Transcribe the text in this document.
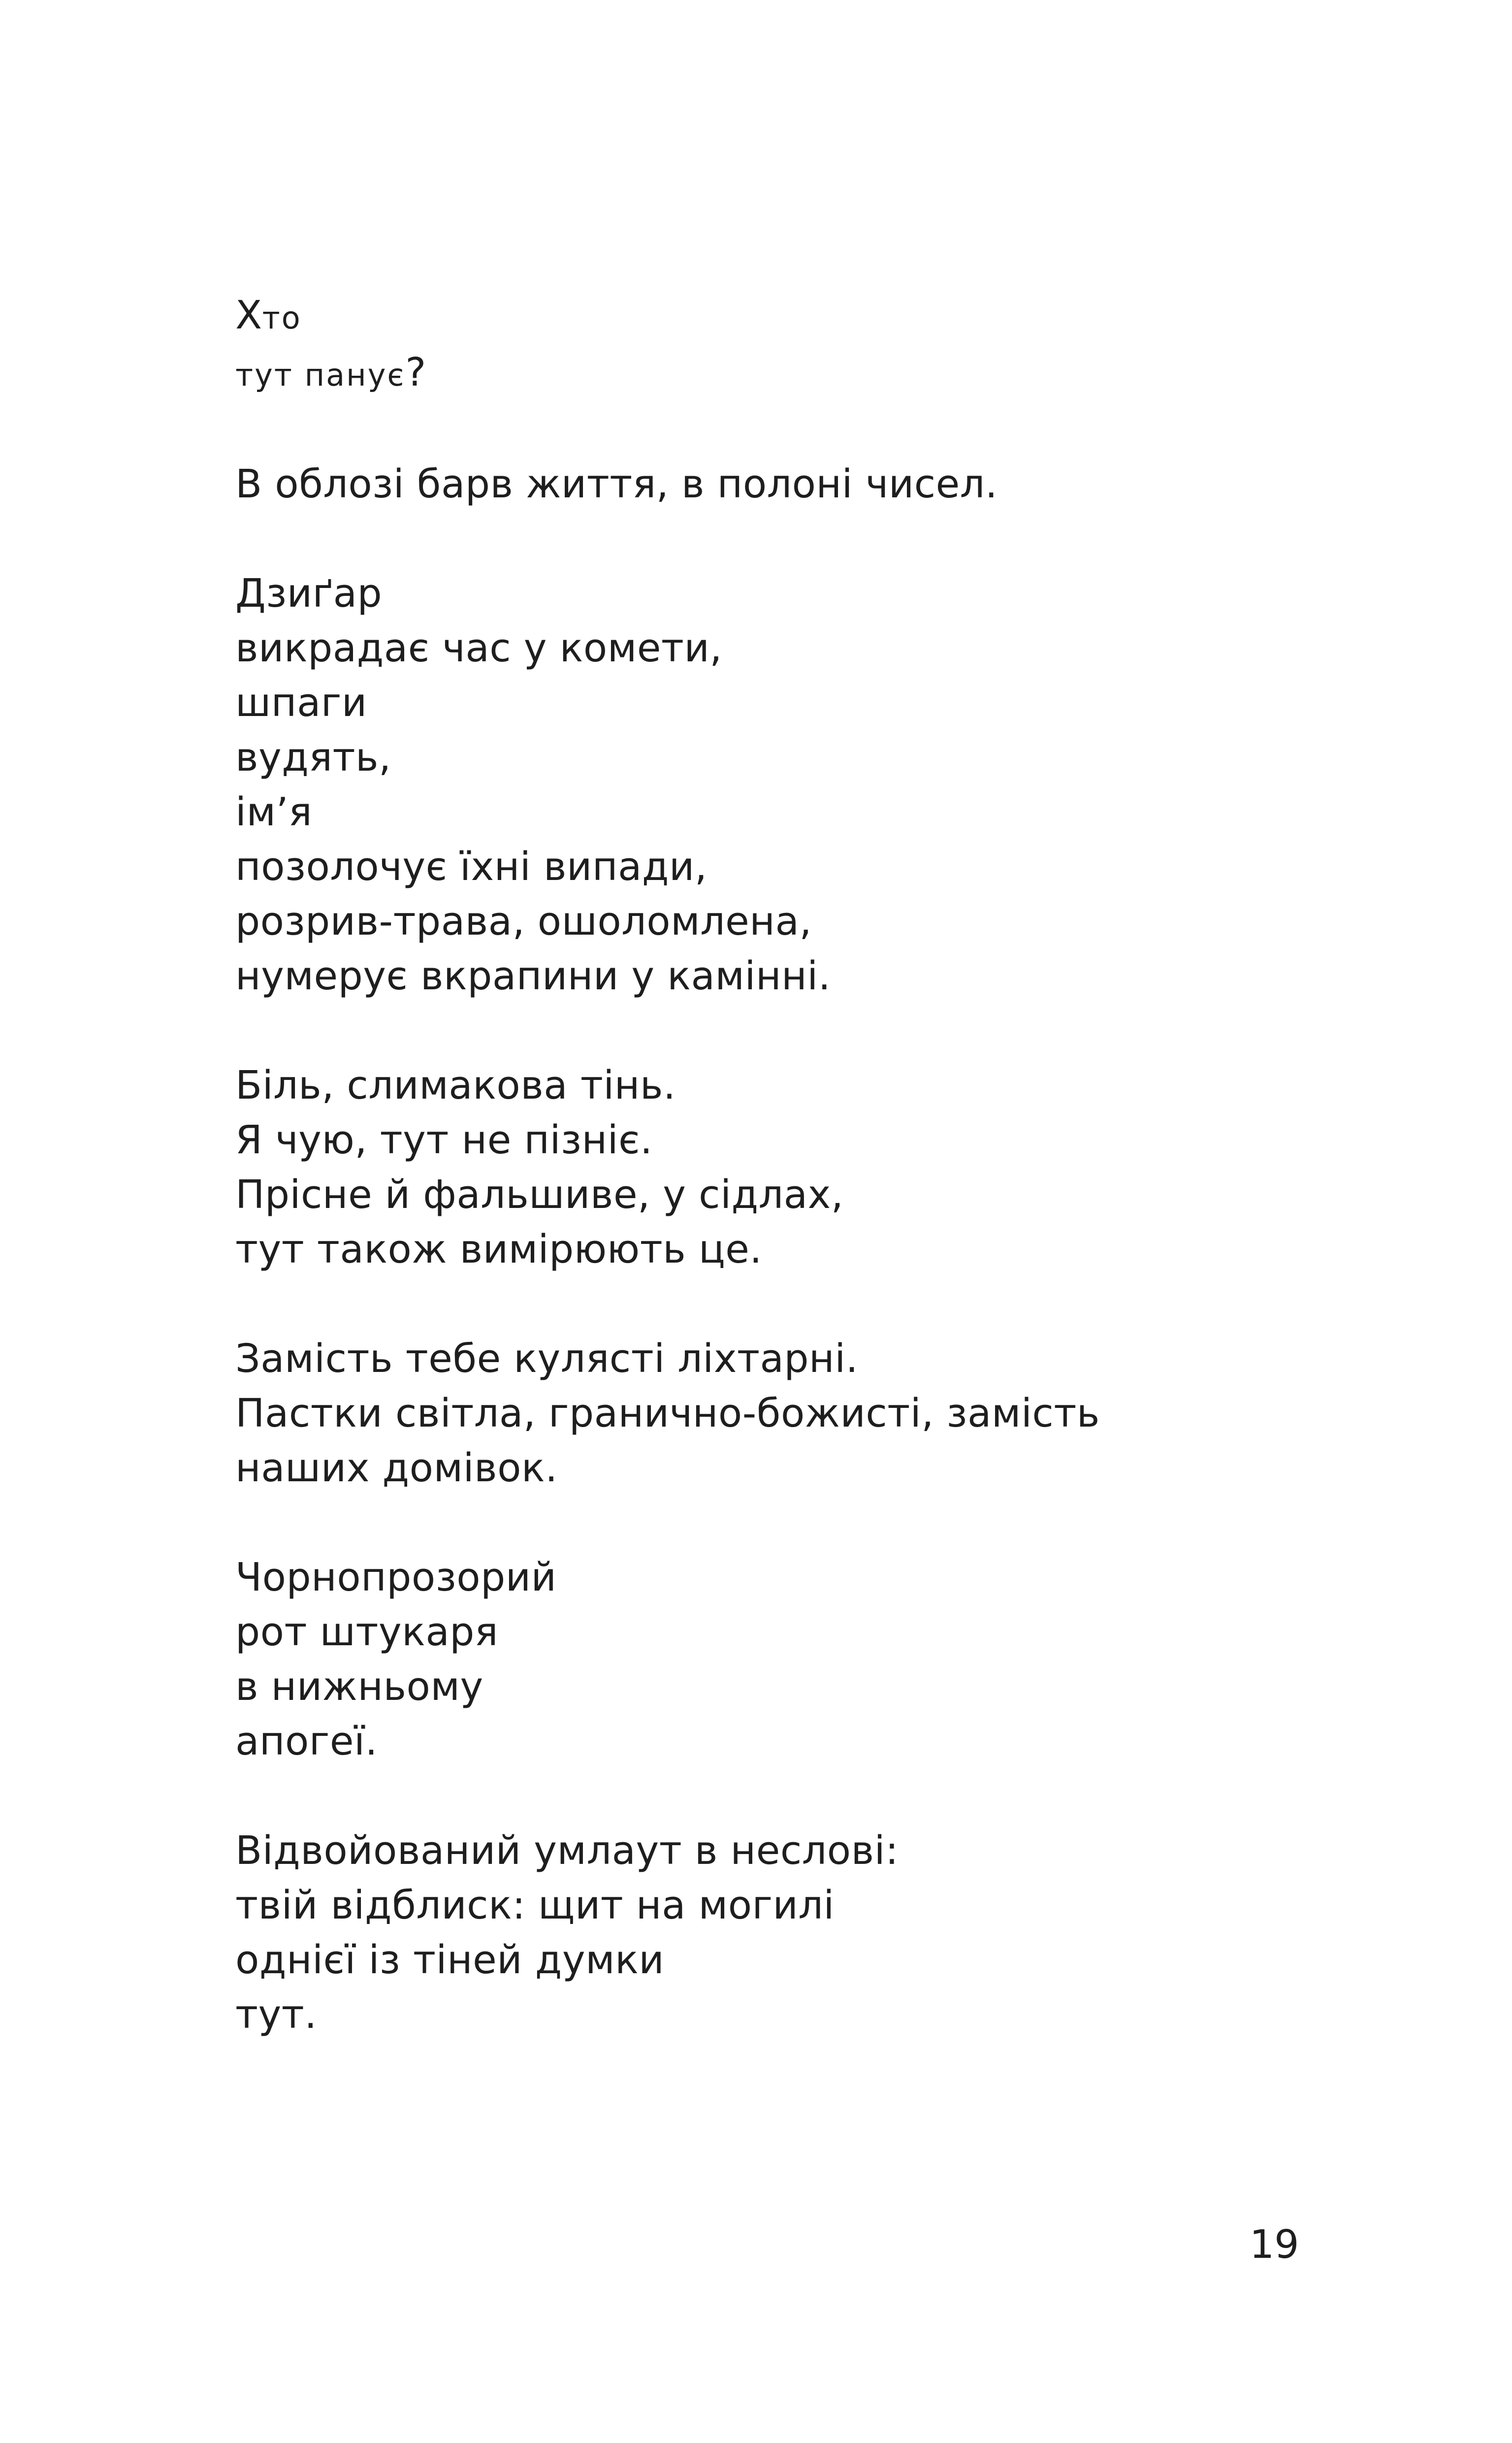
Хто
тут панує?
В облозі барв життя, в полоні чисел.
Дзиґар
викрадає час у комети,
шпаги
вудять,
ім’я
позолочує їхні випади,
розрив-трава, ошоломлена,
нумерує вкрапини у камінні.
Біль, слимакова тінь.
Я чую, тут не пізніє.
Прісне й фальшиве, у сідлах,
тут також вимірюють це.
Замість тебе кулясті ліхтарні.
Пастки світла, гранично-божисті, замість
наших домівок.
Чорнопрозорий
рот штукаря
в нижньому
апогеї.
Відвойований умлаут в неслові:
твій відблиск: щит на могилі
однієї із тіней думки
тут.
19
